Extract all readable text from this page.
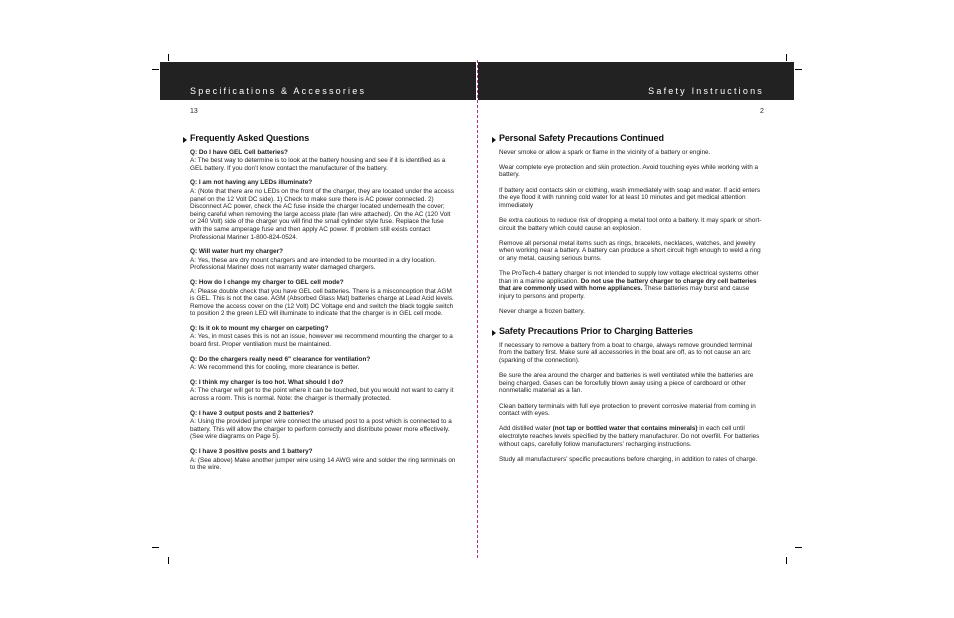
Specifications & Accessories	Safety Instructions
13	2
Frequently Asked Questions
Q: Do I have GEL Cell batteries?
A: The best way to determine is to look at the battery housing and see if it is identified as a GEL battery. If you don’t know contact the manufacturer of the battery.
Q: I am not having any LEDs illuminate?
A: (Note that there are no LEDs on the front of the charger, they are located under the access panel on the 12 Volt DC side). 1) Check to make sure there is AC power connected. 2) Disconnect AC power, check the AC fuse inside the charger located underneath the cover; being careful when removing the large access plate (fan wire attached). On the AC (120 Volt or 240 Volt) side of the charger you will find the small cylinder style fuse. Replace the fuse with the same amperage fuse and then apply AC power. If problem still exists contact Professional Mariner 1-800-824-0524.
Q: Will water hurt my charger?
A: Yes, these are dry mount chargers and are intended to be mounted in a dry location. Professional Mariner does not warranty water damaged chargers.
Q: How do I change my charger to GEL cell mode?
A: Please double check that you have GEL cell batteries. There is a misconception that AGM is GEL. This is not the case. AGM (Absorbed Glass Mat) batteries charge at Lead Acid levels. Remove the access cover on the (12 Volt) DC Voltage end and switch the black toggle switch to position 2 the green LED will illuminate to indicate that the charger is in GEL cell mode.
Q: Is it ok to mount my charger on carpeting?
A: Yes, in most cases this is not an issue, however we recommend mounting the charger to a board first. Proper ventilation must be maintained.
Q: Do the chargers really need 6" clearance for ventilation?
A: We recommend this for cooling, more clearance is better.
Q: I think my charger is too hot. What should I do?
A: The charger will get to the point where it can be touched, but you would not want to carry it across a room. This is normal. Note: the charger is thermally protected.
Q: I have 3 output posts and 2 batteries?
A: Using the provided jumper wire connect the unused post to a post which is connected to a battery. This will allow the charger to perform correctly and distribute power more effectively. (See wire diagrams on Page 5).
Q: I have 3 positive posts and 1 battery?
A: (See above) Make another jumper wire using 14 AWG wire and solder the ring terminals on to the wire.
Personal Safety Precautions Continued

Never smoke or allow a spark or flame in the vicinity of a battery or engine.

Wear complete eye protection and skin protection. Avoid touching eyes while working with a battery.

If battery acid contacts skin or clothing, wash immediately with soap and water. If acid enters the eye flood it with running cold water for at least 10 minutes and get medical attention immediately

Be extra cautious to reduce risk of dropping a metal tool onto a battery. It may spark or short-circuit the battery which could cause an explosion.

Remove all personal metal items such as rings, bracelets, necklaces, watches, and jewelry when working near a battery. A battery can produce a short circuit high enough to weld a ring or any metal, causing serious burns.

The ProTech-4 battery charger is not intended to supply low voltage electrical systems other than in a marine application. Do not use the battery charger to charge dry cell batteries that are commonly used with home appliances. These batteries may burst and cause injury to persons and property.

Never charge a frozen battery.

Safety Precautions Prior to Charging Batteries

If necessary to remove a battery from a boat to charge, always remove grounded terminal from the battery first. Make sure all accessories in the boat are off, as to not cause an arc (sparking of the connection).

Be sure the area around the charger and batteries is well ventilated while the batteries are being charged. Gases can be forcefully blown away using a piece of cardboard or other nonmetallic material as a fan.

Clean battery terminals with full eye protection to prevent corrosive material from coming in contact with eyes.

Add distilled water (not tap or bottled water that contains minerals) in each cell until electrolyte reaches levels specified by the battery manufacturer. Do not overfill. For batteries without caps, carefully follow manufacturers’ recharging instructions.

Study all manufacturers’ specific precautions before charging, in addition to rates of charge.
